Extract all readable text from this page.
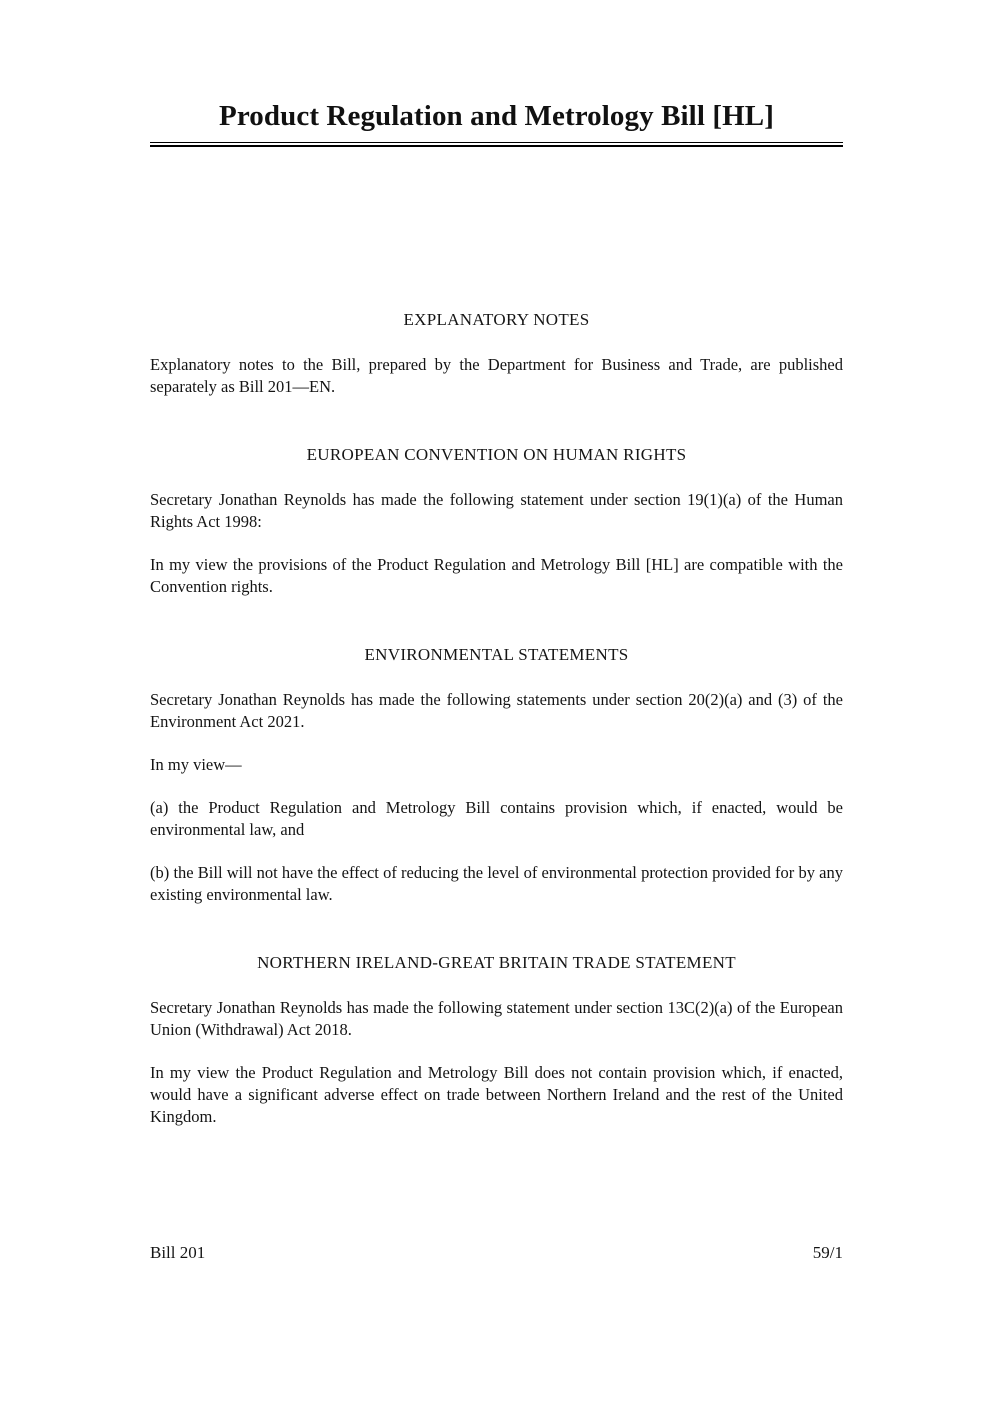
Product Regulation and Metrology Bill [HL]
EXPLANATORY NOTES

Explanatory notes to the Bill, prepared by the Department for Business and Trade, are published separately as Bill 201—EN.

EUROPEAN CONVENTION ON HUMAN RIGHTS

Secretary Jonathan Reynolds has made the following statement under section 19(1)(a) of the Human Rights Act 1998:

In my view the provisions of the Product Regulation and Metrology Bill [HL] are compatible with the Convention rights.

ENVIRONMENTAL STATEMENTS

Secretary Jonathan Reynolds has made the following statements under section 20(2)(a) and (3) of the Environment Act 2021.

In my view—

(a) the Product Regulation and Metrology Bill contains provision which, if enacted, would be environmental law, and

(b) the Bill will not have the effect of reducing the level of environmental protection provided for by any existing environmental law.

NORTHERN IRELAND-GREAT BRITAIN TRADE STATEMENT

Secretary Jonathan Reynolds has made the following statement under section 13C(2)(a) of the European Union (Withdrawal) Act 2018.

In my view the Product Regulation and Metrology Bill does not contain provision which, if enacted, would have a significant adverse effect on trade between Northern Ireland and the rest of the United Kingdom.

Bill 201	59/1
